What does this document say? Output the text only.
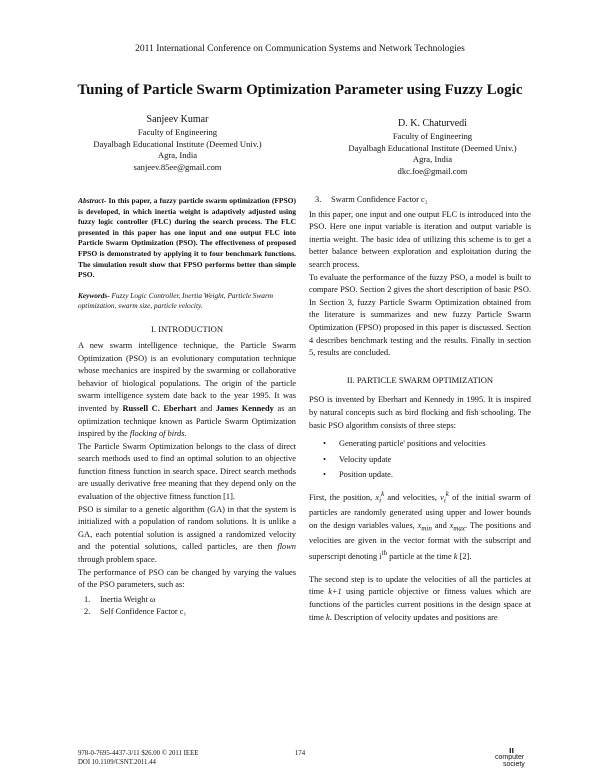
2011 International Conference on Communication Systems and Network Technologies
Tuning of Particle Swarm Optimization Parameter using Fuzzy Logic
Sanjeev Kumar
Faculty of Engineering
Dayalbagh Educational Institute (Deemed Univ.)
Agra, India
sanjeev.85ee@gmail.com
D. K. Chaturvedi
Faculty of Engineering
Dayalbagh Educational Institute (Deemed Univ.)
Agra, India
dkc.foe@gmail.com

Abstract- In this paper, a fuzzy particle swarm optimization (FPSO) is developed, in which inertia weight is adaptively adjusted using fuzzy logic controller (FLC) during the search process. The FLC presented in this paper has one input and one output FLC into Particle Swarm Optimization (PSO). The effectiveness of proposed FPSO is demonstrated by applying it to four benchmark functions. The simulation result show that FPSO performs better than simple PSO.

Keywords- Fuzzy Logic Controller, Inertia Weight, Particle Swarm optimization, swarm size, particle velocity.

I. INTRODUCTION

A new swarm intelligence technique, the Particle Swarm Optimization (PSO) is an evolutionary computation technique whose mechanics are inspired by the swarming or collaborative behavior of biological populations. The origin of the particle swarm intelligence system date back to the year 1995. It was invented by Russell C. Eberhart and James Kennedy as an optimization technique known as Particle Swarm Optimization inspired by the flocking of birds.

The Particle Swarm Optimization belongs to the class of direct search methods used to find an optimal solution to an objective function fitness function in search space. Direct search methods are usually derivative free meaning that they depend only on the evaluation of the objective fitness function [1].

PSO is similar to a genetic algorithm (GA) in that the system is initialized with a population of random solutions. It is unlike a GA, each potential solution is assigned a randomized velocity and the potential solutions, called particles, are then flown through problem space.

The performance of PSO can be changed by varying the values of the PSO parameters, such as:

1. Inertia Weight ω
2. Self Confidence Factor c₁
3. Swarm Confidence Factor c₂

In this paper, one input and one output FLC is introduced into the PSO. Here one input variable is iteration and output variable is inertia weight. The basic idea of utilizing this scheme is to get a better balance between exploration and exploitation during the search process.

To evaluate the performance of the fuzzy PSO, a model is built to compare PSO. Section 2 gives the short description of basic PSO. In Section 3, fuzzy Particle Swarm Optimization obtained from the literature is summarizes and new fuzzy Particle Swarm Optimization (FPSO) proposed in this paper is discussed. Section 4 describes benchmark testing and the results. Finally in section 5, results are concluded.

II. PARTICLE SWARM OPTIMIZATION

PSO is invented by Eberhart and Kennedy in 1995. It is inspired by natural concepts such as bird flocking and fish schooling. The basic PSO algorithm consists of three steps:

• Generating particle' positions and velocities
• Velocity update
• Position update.

First, the position, $x_i^k$ and velocities, $v_i^k$ of the initial swarm of particles are randomly generated using upper and lower bounds on the design variables values, $x_{min}$ and $x_{max}$. The positions and velocities are given in the vector format with the subscript and superscript denoting $i^{th}$ particle at the time k [2].

The second step is to update the velocities of all the particles at time k+1 using particle objective or fitness values which are functions of the particles current positions in the design space at time k. Description of velocity updates and positions are

978-0-7695-4437-3/11 $26.00 © 2011 IEEE
DOI 10.1109/CSNT.2011.44
174	ıı
computer
society
